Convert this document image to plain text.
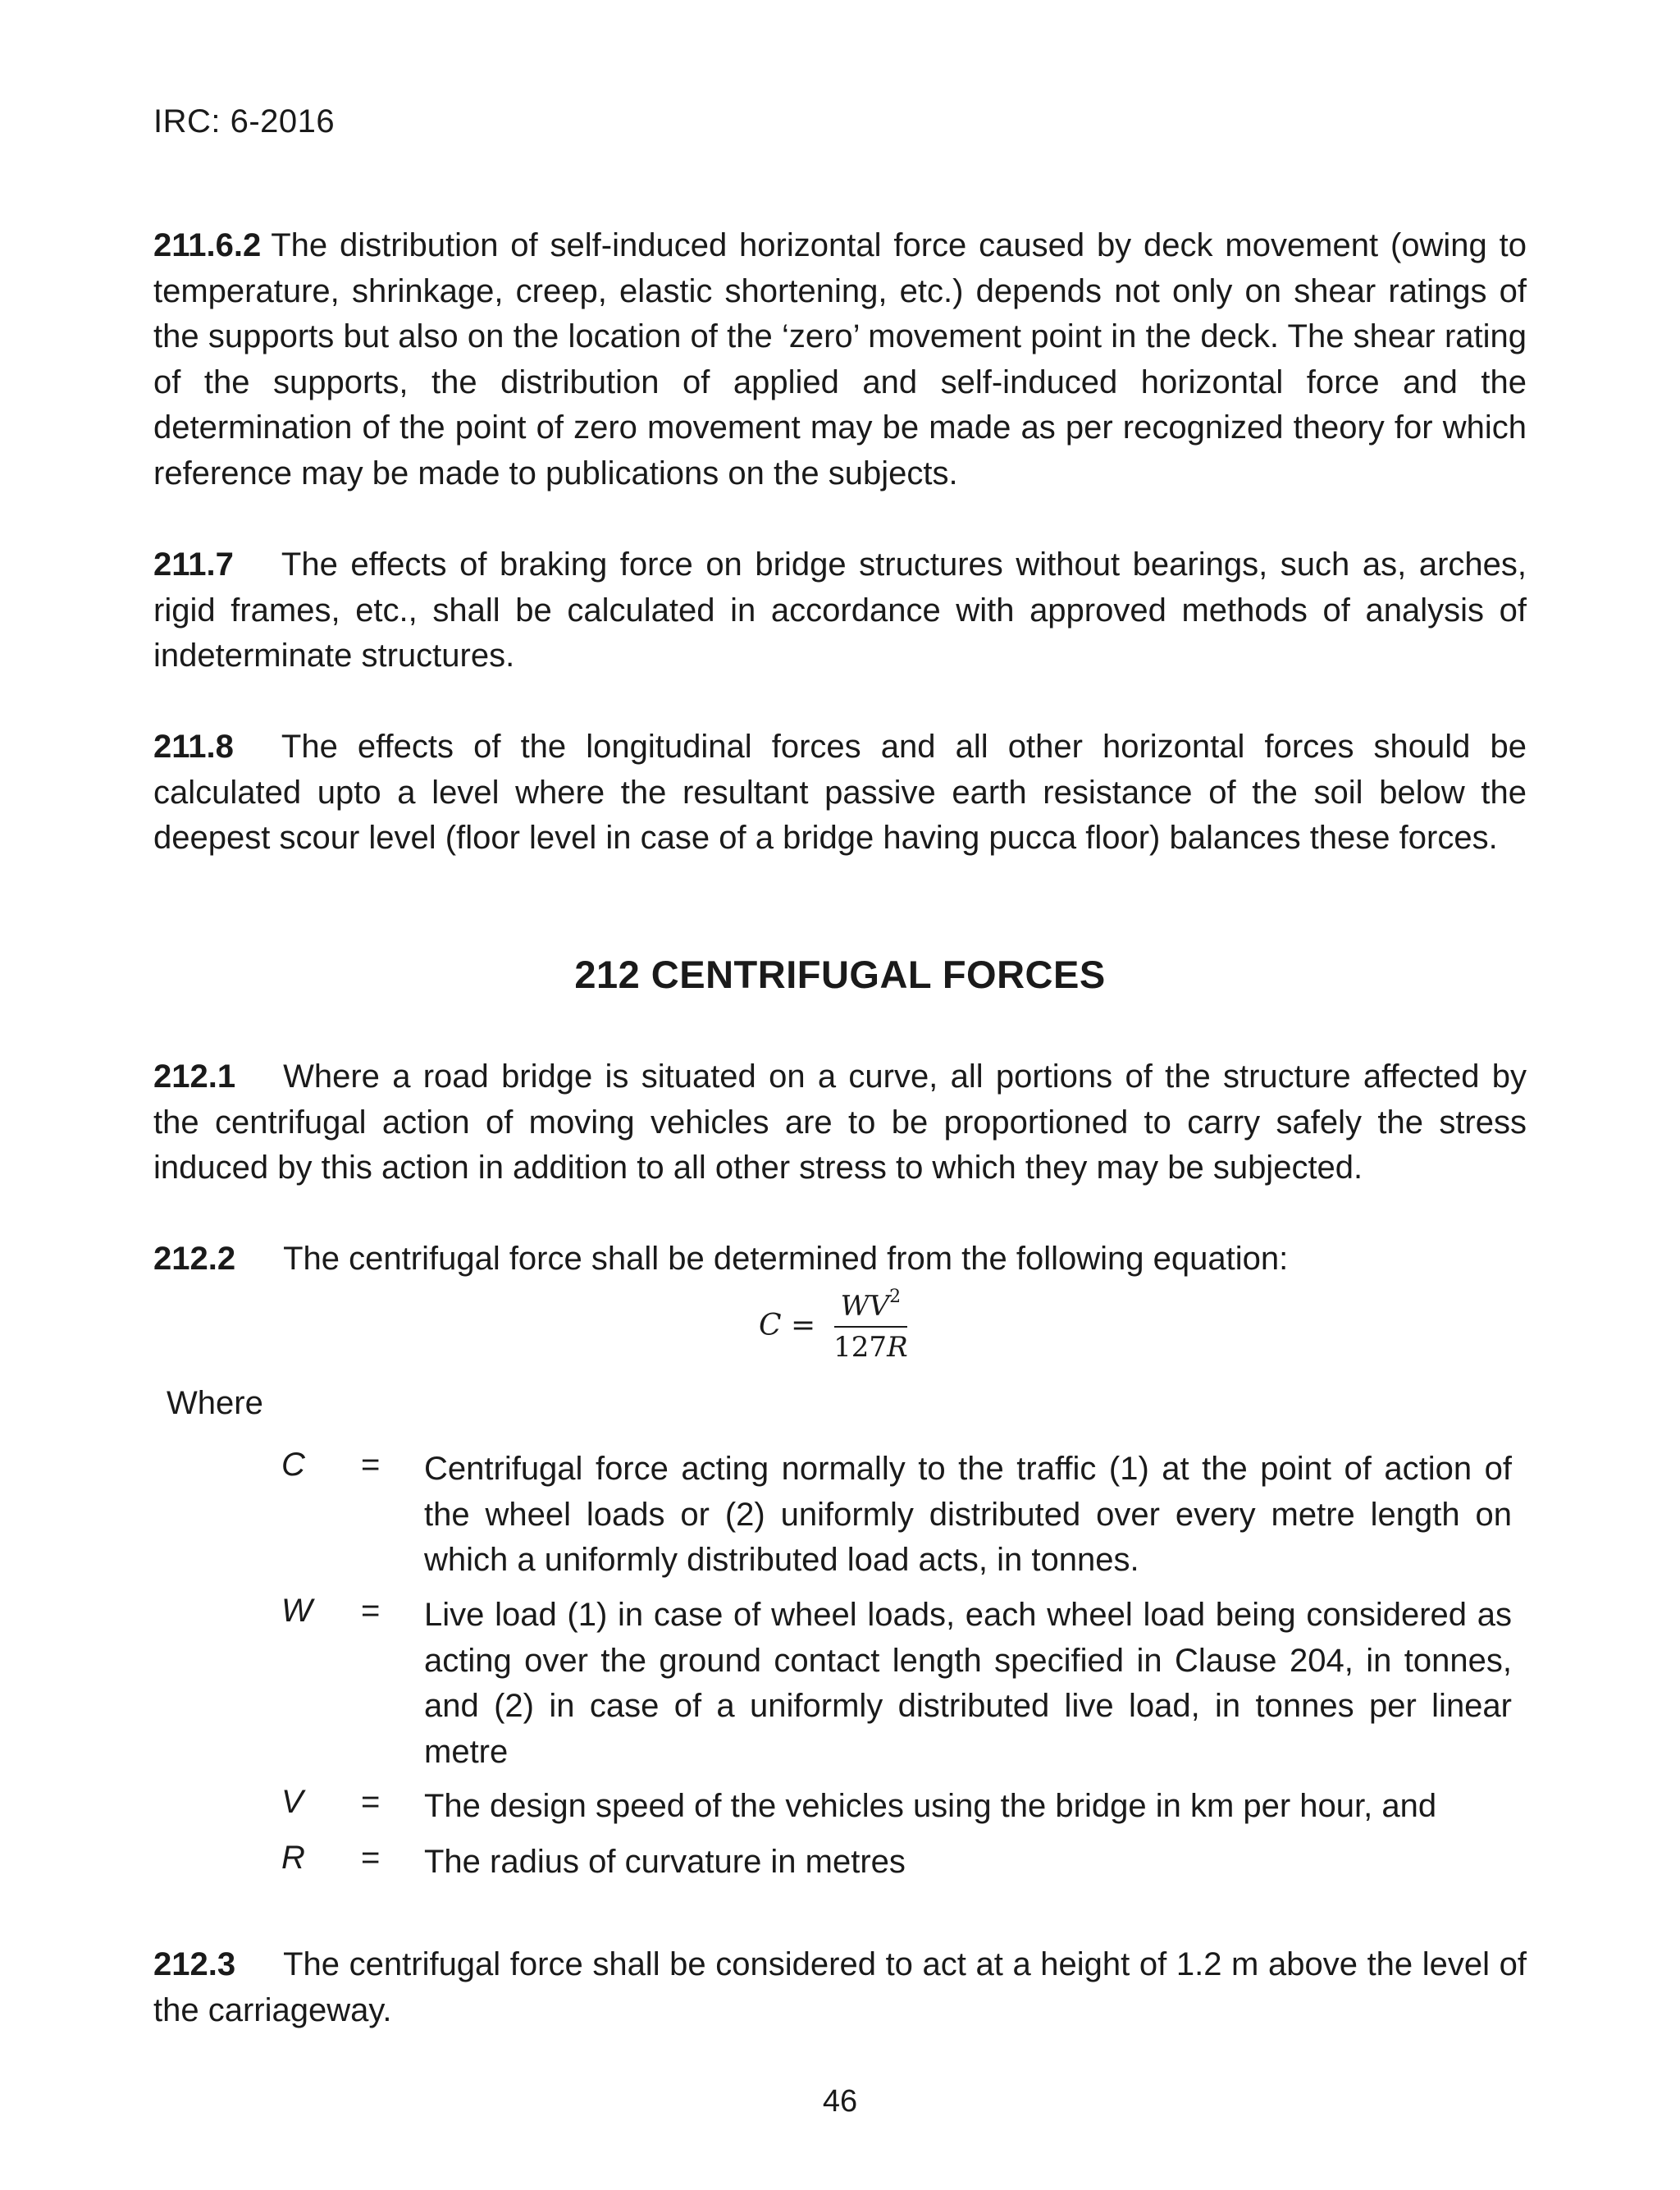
IRC: 6-2016

211.6.2 The distribution of self-induced horizontal force caused by deck movement (owing to temperature, shrinkage, creep, elastic shortening, etc.) depends not only on shear ratings of the supports but also on the location of the ‘zero’ movement point in the deck. The shear rating of the supports, the distribution of applied and self-induced horizontal force and the determination of the point of zero movement may be made as per recognized theory for which reference may be made to publications on the subjects.

211.7 The effects of braking force on bridge structures without bearings, such as, arches, rigid frames, etc., shall be calculated in accordance with approved methods of analysis of indeterminate structures.

211.8 The effects of the longitudinal forces and all other horizontal forces should be calculated upto a level where the resultant passive earth resistance of the soil below the deepest scour level (floor level in case of a bridge having pucca floor) balances these forces.

212 CENTRIFUGAL FORCES

212.1 Where a road bridge is situated on a curve, all portions of the structure affected by the centrifugal action of moving vehicles are to be proportioned to carry safely the stress induced by this action in addition to all other stress to which they may be subjected.

212.2 The centrifugal force shall be determined from the following equation:

$C = \frac{WV^2}{127R}$
Where
C = Centrifugal force acting normally to the traffic (1) at the point of action of the wheel loads or (2) uniformly distributed over every metre length on which a uniformly distributed load acts, in tonnes.

W = Live load (1) in case of wheel loads, each wheel load being considered as acting over the ground contact length specified in Clause 204, in tonnes, and (2) in case of a uniformly distributed live load, in tonnes per linear metre

V = The design speed of the vehicles using the bridge in km per hour, and

R = The radius of curvature in metres

212.3 The centrifugal force shall be considered to act at a height of 1.2 m above the level of the carriageway.

46
